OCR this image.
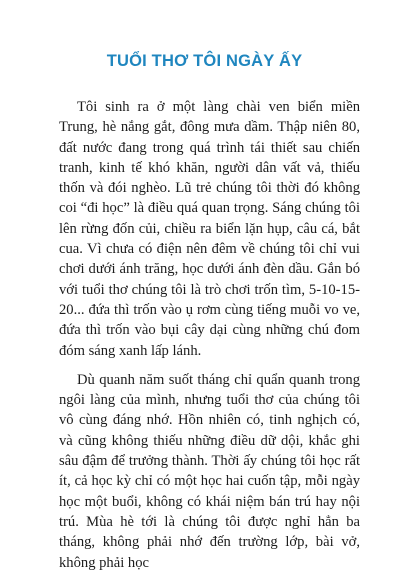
TUỔI THƠ TÔI NGÀY ẤY

Tôi sinh ra ở một làng chài ven biển miền Trung, hè nắng gắt, đông mưa dầm. Thập niên 80, đất nước đang trong quá trình tái thiết sau chiến tranh, kinh tế khó khăn, người dân vất vả, thiếu thốn và đói nghèo. Lũ trẻ chúng tôi thời đó không coi “đi học” là điều quá quan trọng. Sáng chúng tôi lên rừng đốn củi, chiều ra biển lặn hụp, câu cá, bắt cua. Vì chưa có điện nên đêm về chúng tôi chỉ vui chơi dưới ánh trăng, học dưới ánh đèn dầu. Gắn bó với tuổi thơ chúng tôi là trò chơi trốn tìm, 5-10-15-20... đứa thì trốn vào ụ rơm cùng tiếng muỗi vo ve, đứa thì trốn vào bụi cây dại cùng những chú đom đóm sáng xanh lấp lánh.

Dù quanh năm suốt tháng chỉ quẩn quanh trong ngôi làng của mình, nhưng tuổi thơ của chúng tôi vô cùng đáng nhớ. Hồn nhiên có, tinh nghịch có, và cũng không thiếu những điều dữ dội, khắc ghi sâu đậm để trưởng thành. Thời ấy chúng tôi học rất ít, cả học kỳ chỉ có một học hai cuốn tập, mỗi ngày học một buổi, không có khái niệm bán trú hay nội trú. Mùa hè tới là chúng tôi được nghỉ hẳn ba tháng, không phải nhớ đến trường lớp, bài vở, không phải học
